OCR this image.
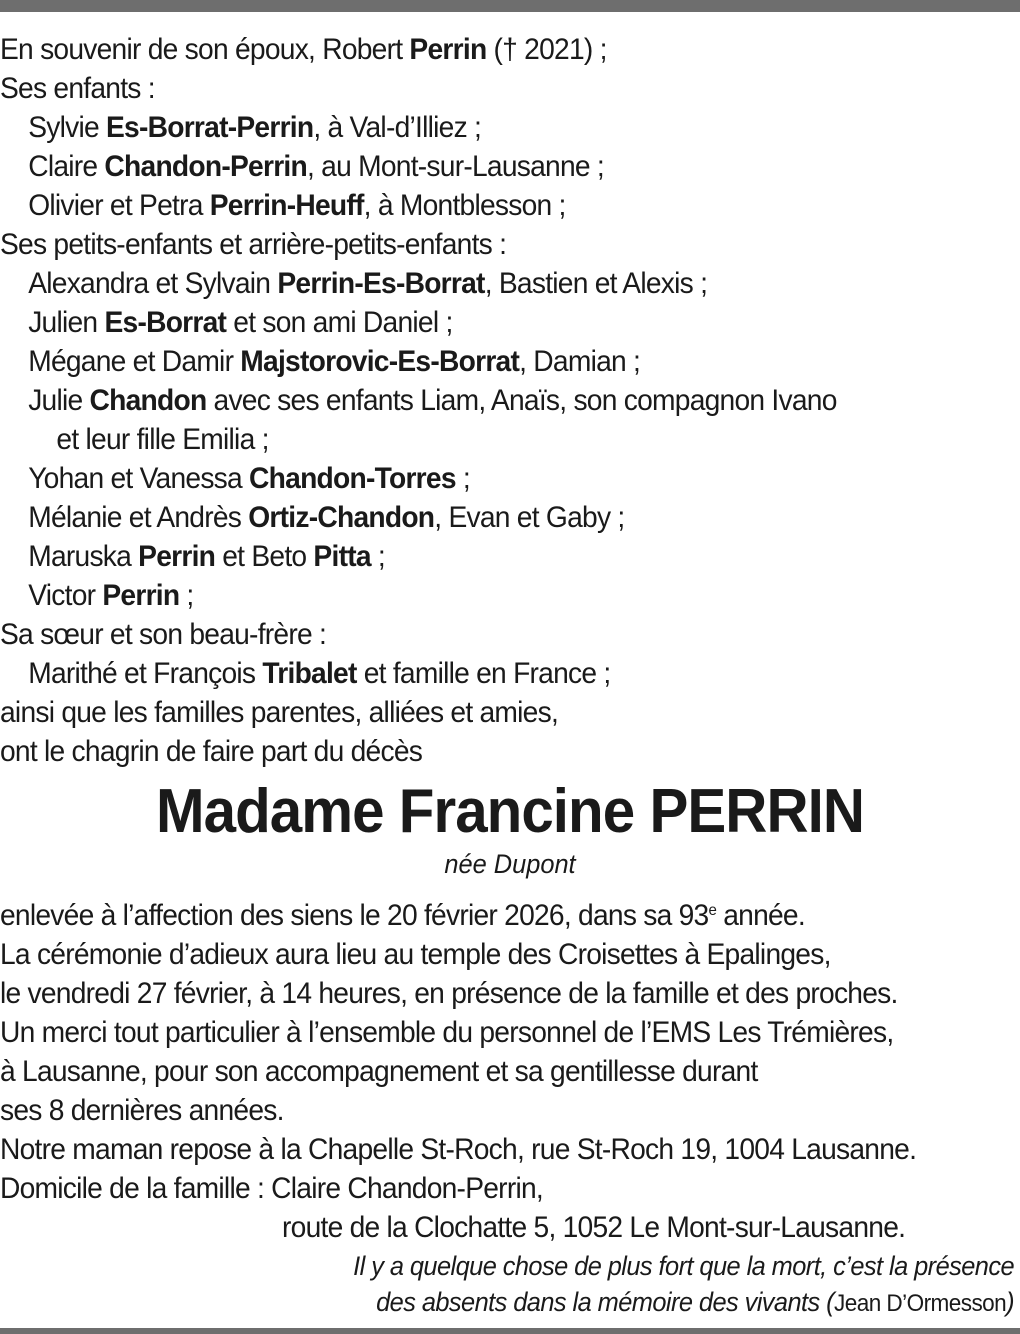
En souvenir de son époux, Robert Perrin († 2021) ;
Ses enfants :
Sylvie Es-Borrat-Perrin, à Val-d’Illiez ;
Claire Chandon-Perrin, au Mont-sur-Lausanne ;
Olivier et Petra Perrin-Heuff, à Montblesson ;
Ses petits-enfants et arrière-petits-enfants :
Alexandra et Sylvain Perrin-Es-Borrat, Bastien et Alexis ;
Julien Es-Borrat et son ami Daniel ;
Mégane et Damir Majstorovic-Es-Borrat, Damian ;
Julie Chandon avec ses enfants Liam, Anaïs, son compagnon Ivano
et leur fille Emilia ;
Yohan et Vanessa Chandon-Torres ;
Mélanie et Andrès Ortiz-Chandon, Evan et Gaby ;
Maruska Perrin et Beto Pitta ;
Victor Perrin ;
Sa sœur et son beau-frère :
Marithé et François Tribalet et famille en France ;
ainsi que les familles parentes, alliées et amies,
ont le chagrin de faire part du décès
Madame Francine PERRIN
née Dupont
enlevée à l’affection des siens le 20 février 2026, dans sa 93e année.
La cérémonie d’adieux aura lieu au temple des Croisettes à Epalinges,
le vendredi 27 février, à 14 heures, en présence de la famille et des proches.
Un merci tout particulier à l’ensemble du personnel de l’EMS Les Trémières,
à Lausanne, pour son accompagnement et sa gentillesse durant
ses 8 dernières années.
Notre maman repose à la Chapelle St-Roch, rue St-Roch 19, 1004 Lausanne.
Domicile de la famille : Claire Chandon-Perrin,
route de la Clochatte 5, 1052 Le Mont-sur-Lausanne.
Il y a quelque chose de plus fort que la mort, c’est la présence
des absents dans la mémoire des vivants (Jean D’Ormesson)
